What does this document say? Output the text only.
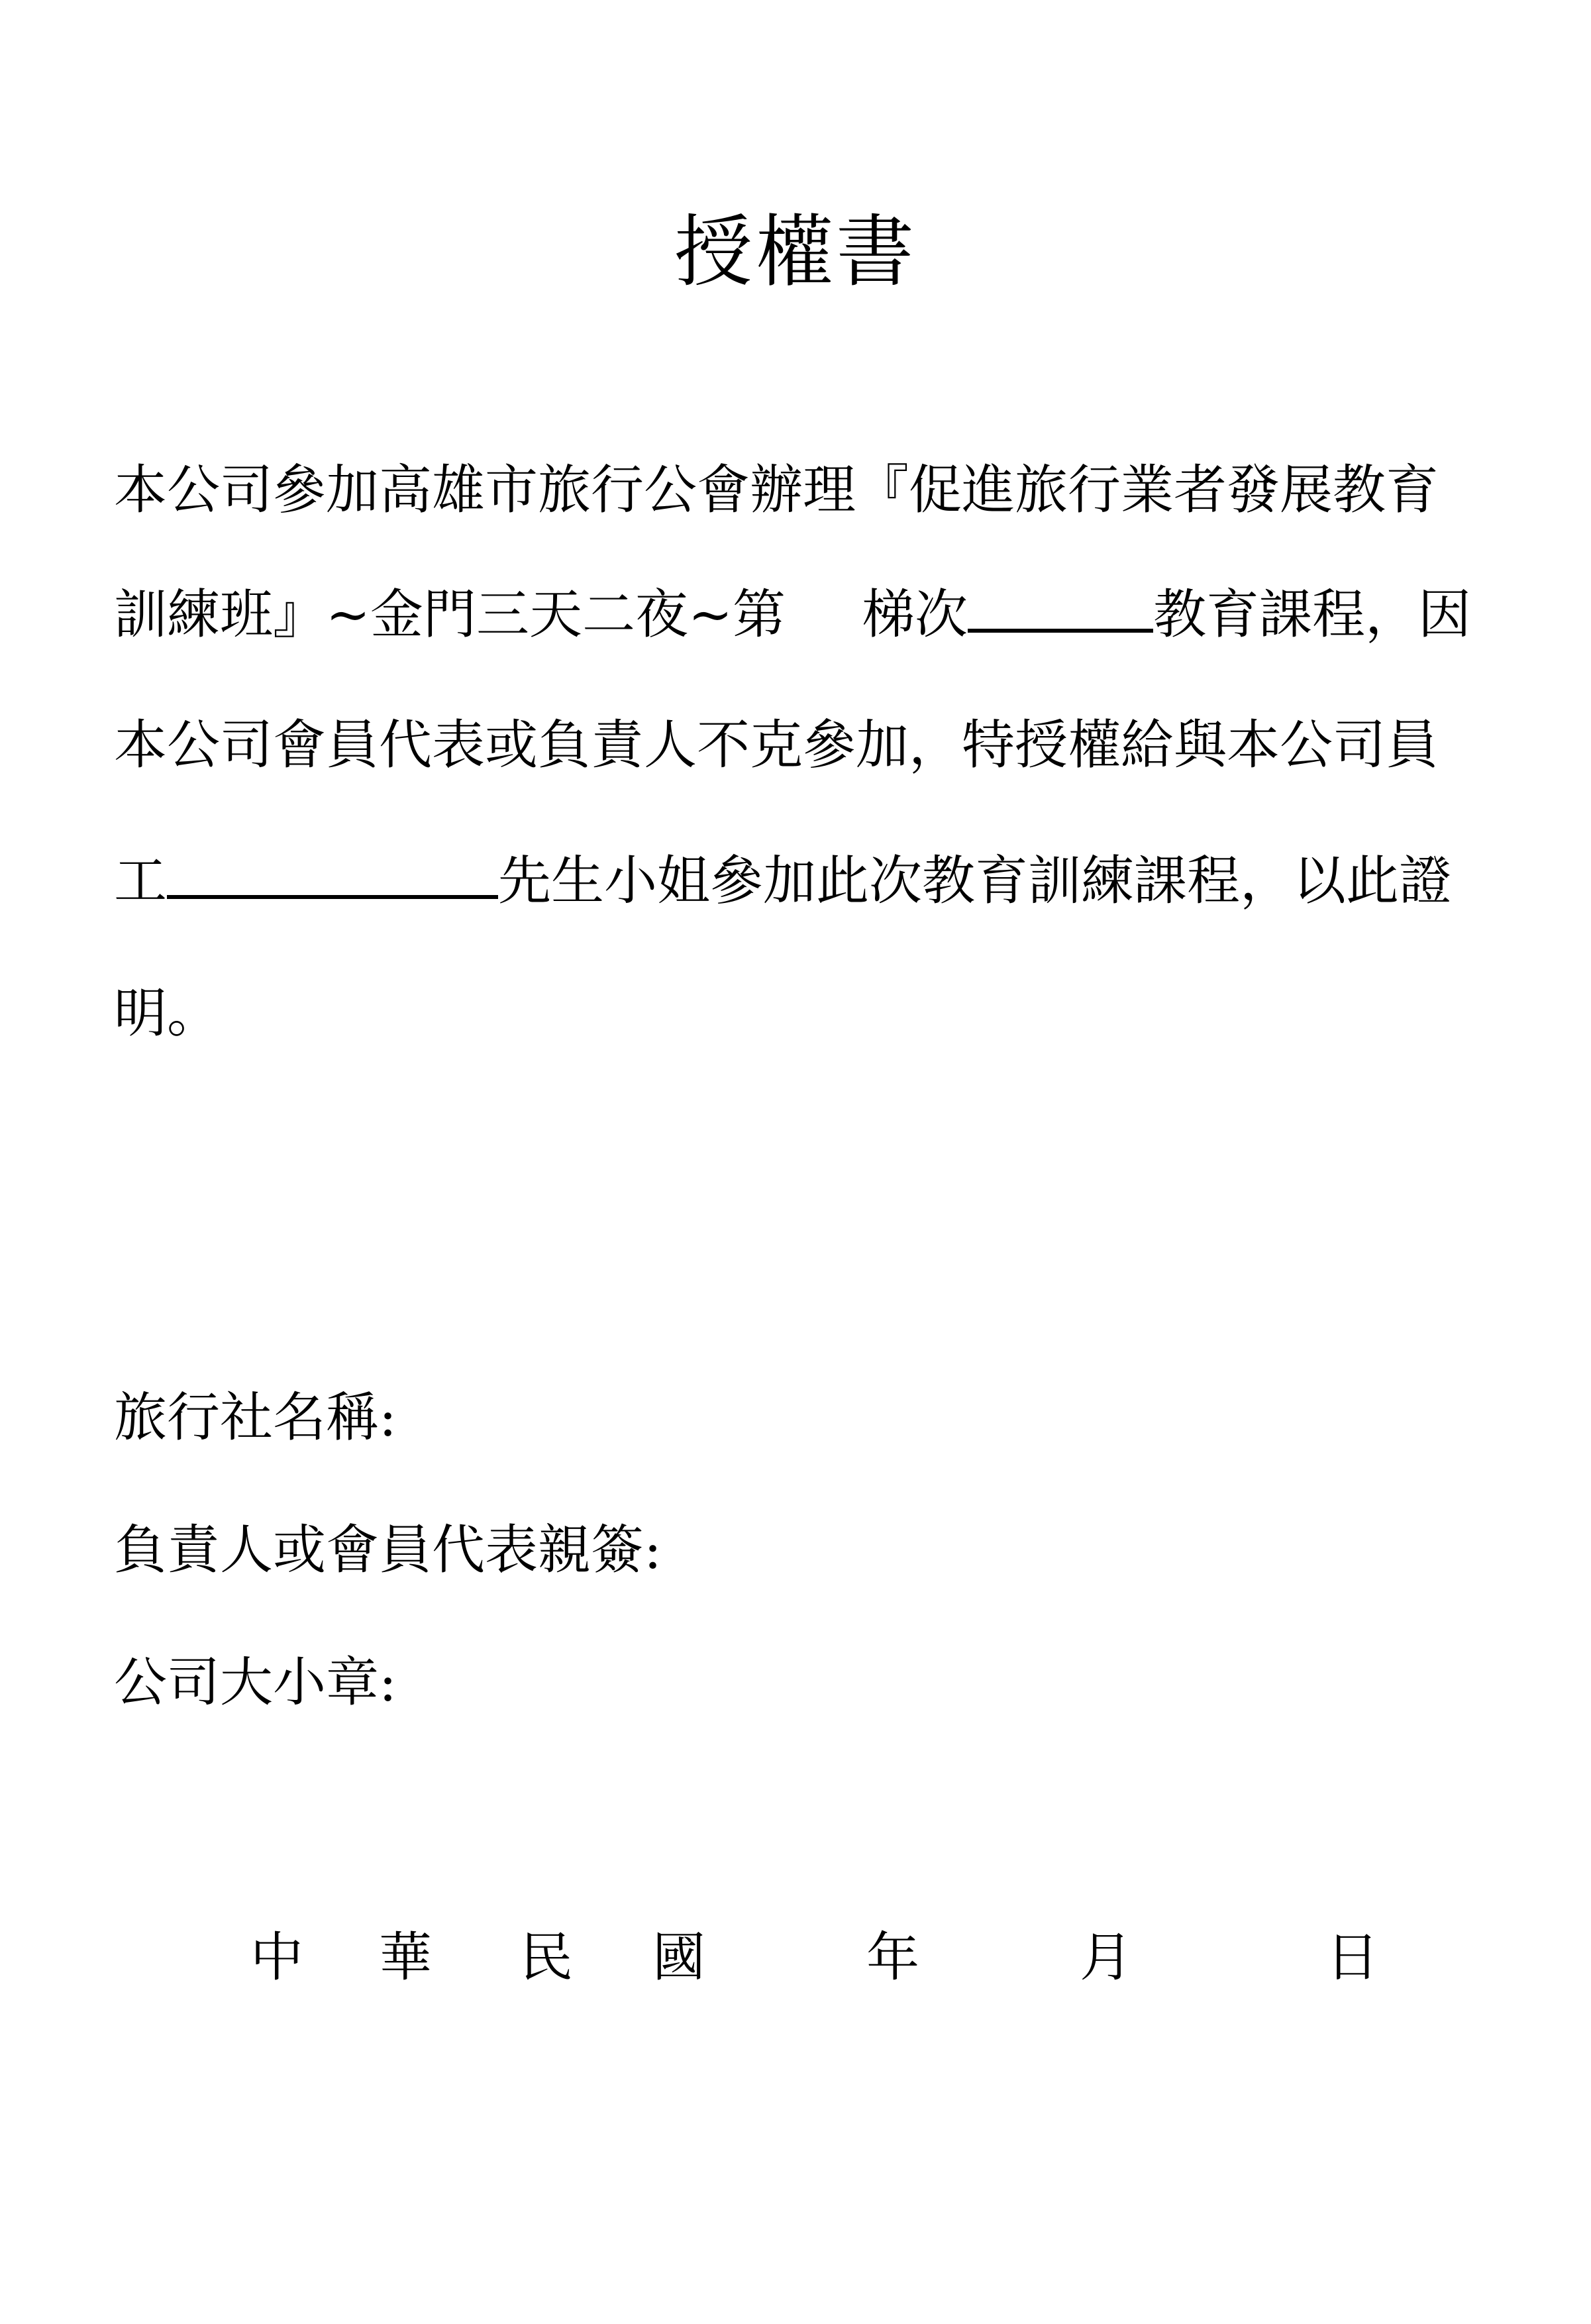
授權書
本公司參加高雄市旅行公會辦理『促進旅行業者發展教育
訓練班』~金門三天二夜~第 梯次	教育課程，因
本公司會員代表或負責人不克參加，特授權給與本公司員
工	先生小姐參加此次教育訓練課程，以此證
明。
旅行社名稱:
負責人或會員代表親簽:
公司大小章:
中 華 民 國	年	月	日
